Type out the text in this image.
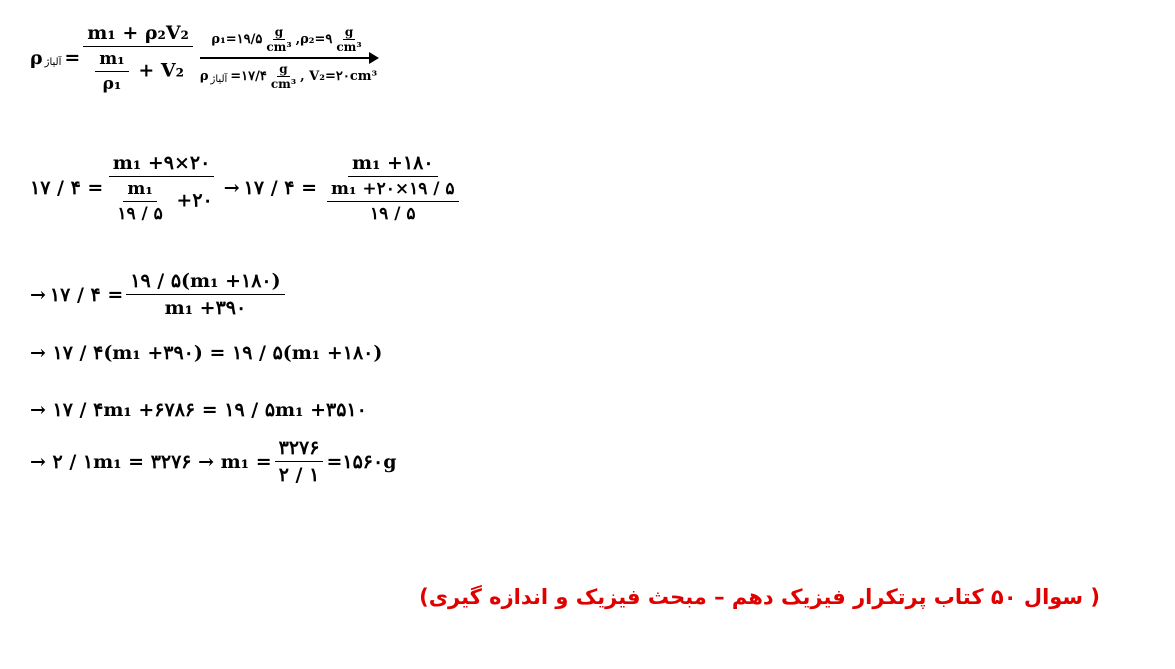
ρ آلیاژ = $\frac{\text{m₁ + ρ₂V₂}}{\frac{\text{m₁}}{\text{ρ₁}} + V_2}$ ρ₁=۱۹/۵ $\frac{g}{\text{cm³}}$ ,ρ₂=۹ $\frac{g}{\text{cm³}}$
ρ آلیاژ =۱۷/۴ $\frac{g}{\text{cm³}}$ , V₂=۲۰cm³
۱۷ / ۴ = $\frac{\text{m₁ +۹×۲۰}}{\frac{\text{m₁}}{۱۹ / ۵} +۲۰}$ → ۱۷ / ۴ = $\frac{\text{m₁ +۱۸۰}}{\frac{\text{m₁ +۲۰×۱۹ / ۵}}{۱۹ / ۵}}$
→ ۱۷ / ۴ = $\frac{\text{۱۹ / ۵(m₁ +۱۸۰)}}{\text{m₁ +۳۹۰}}$
→ ۱۷ / ۴(m₁ +۳۹۰) = ۱۹ / ۵(m₁ +۱۸۰)
→ ۱۷ / ۴m₁ +۶۷۸۶ = ۱۹ / ۵m₁ +۳۵۱۰
→ ۲ / ۱m₁ = ۳۲۷۶ → $m_1 = \frac{۳۲۷۶}{۲ / ۱}$ =۱۵۶۰g
( سوال ۵۰ کتاب پرتکرار فیزیک دهم – مبحث فیزیک و اندازه گیری)
